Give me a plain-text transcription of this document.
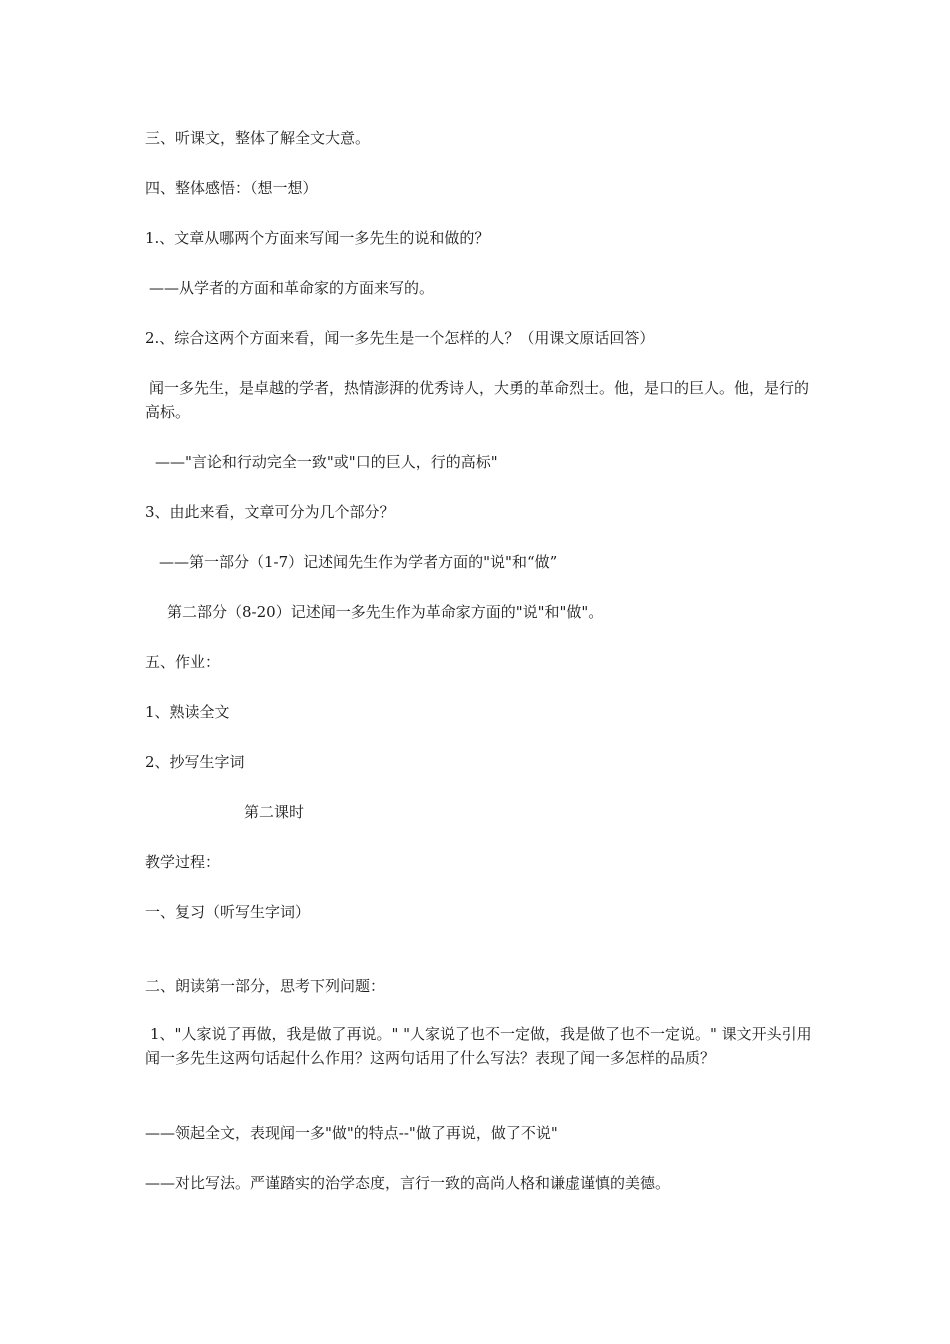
三、听课文，整体了解全文大意。
四、整体感悟：（想一想）
1.、文章从哪两个方面来写闻一多先生的说和做的？
——从学者的方面和革命家的方面来写的。
2.、综合这两个方面来看，闻一多先生是一个怎样的人？（用课文原话回答）
闻一多先生，是卓越的学者，热情澎湃的优秀诗人，大勇的革命烈士。他，是口的巨人。他，是行的高标。
——"言论和行动完全一致"或"口的巨人，行的高标"
3、由此来看，文章可分为几个部分？
——第一部分（1-7）记述闻先生作为学者方面的"说"和“做”
第二部分（8-20）记述闻一多先生作为革命家方面的"说"和"做"。
五、作业：
1、熟读全文
2、抄写生字词
第二课时
教学过程：
一、复习（听写生字词）
二、朗读第一部分，思考下列问题：
1、"人家说了再做，我是做了再说。" "人家说了也不一定做，我是做了也不一定说。" 课文开头引用闻一多先生这两句话起什么作用？这两句话用了什么写法？表现了闻一多怎样的品质？
——领起全文，表现闻一多"做"的特点--"做了再说，做了不说"
——对比写法。严谨踏实的治学态度，言行一致的高尚人格和谦虚谨慎的美德。
